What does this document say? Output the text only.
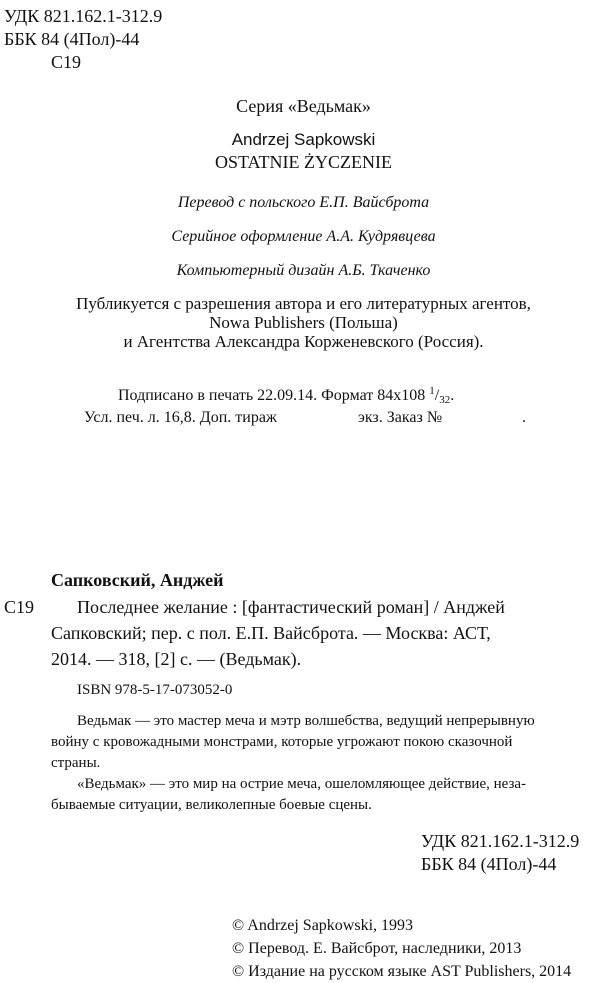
УДК 821.162.1-312.9
ББК 84 (4Пол)-44
С19
Серия «Ведьмак»
Andrzej Sapkowski
OSTATNIE ŻYCZENIE
Перевод с польского Е.П. Вайсброта
Серийное оформление А.А. Кудрявцева
Компьютерный дизайн А.Б. Ткаченко
Публикуется с разрешения автора и его литературных агентов,
Nowa Publishers (Польша)
и Агентства Александра Корженевского (Россия).
Подписано в печать 22.09.14. Формат 84х108 $^1$/32.
Усл. печ. л. 16,8. Доп. тираж	экз. Заказ №	.
Сапковский, Анджей
С19 Последнее желание : [фантастический роман] / Анджей
Сапковский; пер. с пол. Е.П. Вайсброта. — Москва: АСТ,
2014. — 318, [2] с. — (Ведьмак).
ISBN 978-5-17-073052-0
Ведьмак — это мастер меча и мэтр волшебства, ведущий непрерывную
войну с кровожадными монстрами, которые угрожают покою сказочной
страны.
«Ведьмак» — это мир на острие меча, ошеломляющее действие, неза-
бываемые ситуации, великолепные боевые сцены.
УДК 821.162.1-312.9
ББК 84 (4Пол)-44
© Andrzej Sapkowski, 1993
© Перевод. Е. Вайсброт, наследники, 2013
© Издание на русском языке AST Publishers, 2014
